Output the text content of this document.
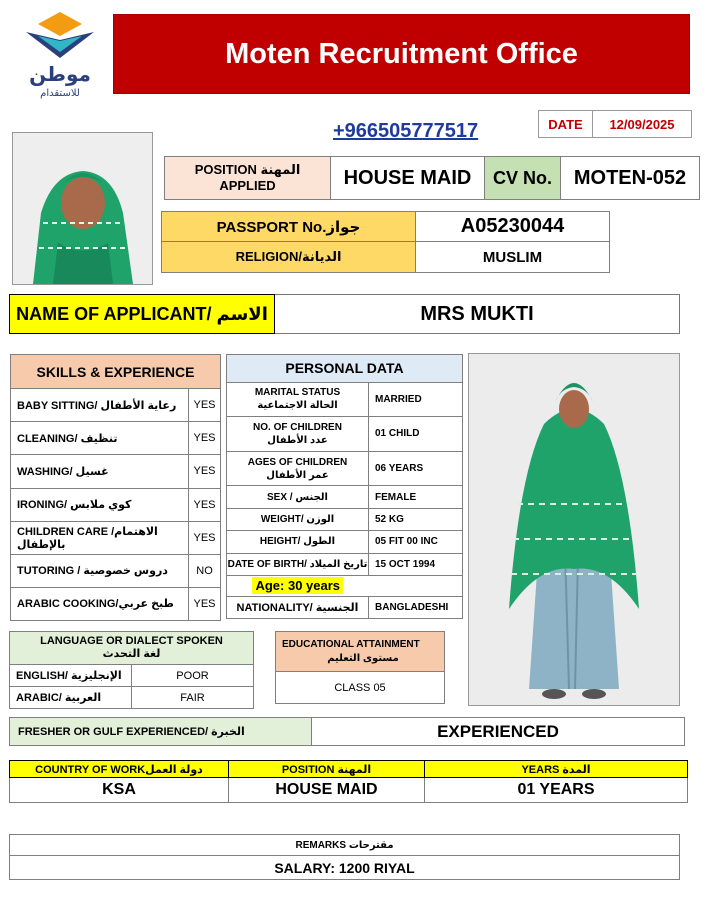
موطن
للاستقدام
Moten Recruitment Office
DATE	12/09/2025
+966505777517
POSITION المهنة APPLIED	HOUSE MAID	CV No.	MOTEN-052
PASSPORT No.جواز	A05230044
RELIGION/الديانة	MUSLIM
NAME OF APPLICANT/ الاسم	MRS MUKTI
SKILLS & EXPERIENCE	
BABY SITTING/ رعاية الأطفال	YES
CLEANING/ تنظيف	YES
WASHING/ غسيل	YES
IRONING/ كوي ملابس	YES
CHILDREN CARE /الاهتمام بالإطفال	YES
TUTORING / دروس خصوصية	NO
ARABIC COOKING/طبخ عربي	YES
PERSONAL DATA	

MARITAL STATUS
الحالة الاجتماعية	MARRIED

NO. OF CHILDREN
عدد الأطفال	01 CHILD

AGES OF CHILDREN
عمر الأطفال	06 YEARS

SEX / الجنس	FEMALE

WEIGHT/ الوزن	52 KG

HEIGHT/ الطول	05 FIT 00 INC

DATE OF BIRTH/ تاريخ الميلاد	15 OCT 1994
Age: 30 years	
NATIONALITY/ الجنسية	BANGLADESHI
LANGUAGE OR DIALECT SPOKEN
لغة التحدث	

ENGLISH/ الإنجليزية	POOR
ARABIC/ العربية	FAIR
EDUCATIONAL ATTAINMENT
مستوى التعليم

CLASS 05
FRESHER OR GULF EXPERIENCED/ الخبرة	EXPERIENCED
COUNTRY OF WORKدولة العمل	POSITION المهنة	YEARS المدة
KSA	HOUSE MAID	01 YEARS
REMARKS مقترحات
SALARY: 1200 RIYAL
